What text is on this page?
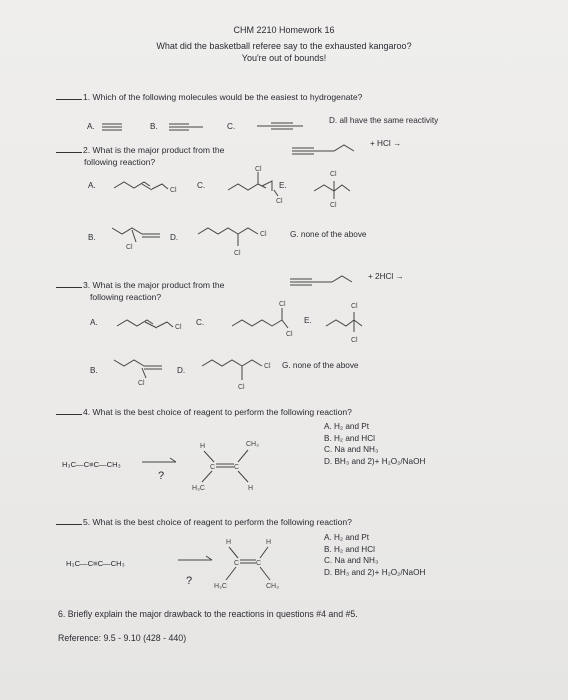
CHM 2210 Homework 16
What did the basketball referee say to the exhausted kangaroo?
You're out of bounds!
1. Which of the following molecules would be the easiest to hydrogenate?
A.	B.	C.
D. all have the same reactivity
2. What is the major product from the
following reaction?
+ HCl →
A.
Cl
C.
Cl
E.
Cl
Cl
Cl
B.
Cl
D.
Cl
Cl	G. none of the above
3. What is the major product from the
following reaction?
+ 2HCl →
A.
Cl
C.
Cl
Cl
E.
Cl
Cl
B.
Cl
D.
Cl
Cl G. none of the above
4. What is the best choice of reagent to perform the following reaction?
A. H₂ and Pt
B. H₂ and HCl
C. Na and NH₃
D. BH₃ and 2)+ H₂O₂/NaOH
H₃C—C≡C—CH₃
?
H	CH₃
C	C
H₃C	H
5. What is the best choice of reagent to perform the following reaction?
A. H₂ and Pt
B. H₂ and HCl
C. Na and NH₃
D. BH₃ and 2)+ H₂O₂/NaOH
H₃C—C≡C—CH₃
?
H	H
C C
H₃C	CH₃
6. Briefly explain the major drawback to the reactions in questions #4 and #5.
Reference: 9.5 - 9.10 (428 - 440)
